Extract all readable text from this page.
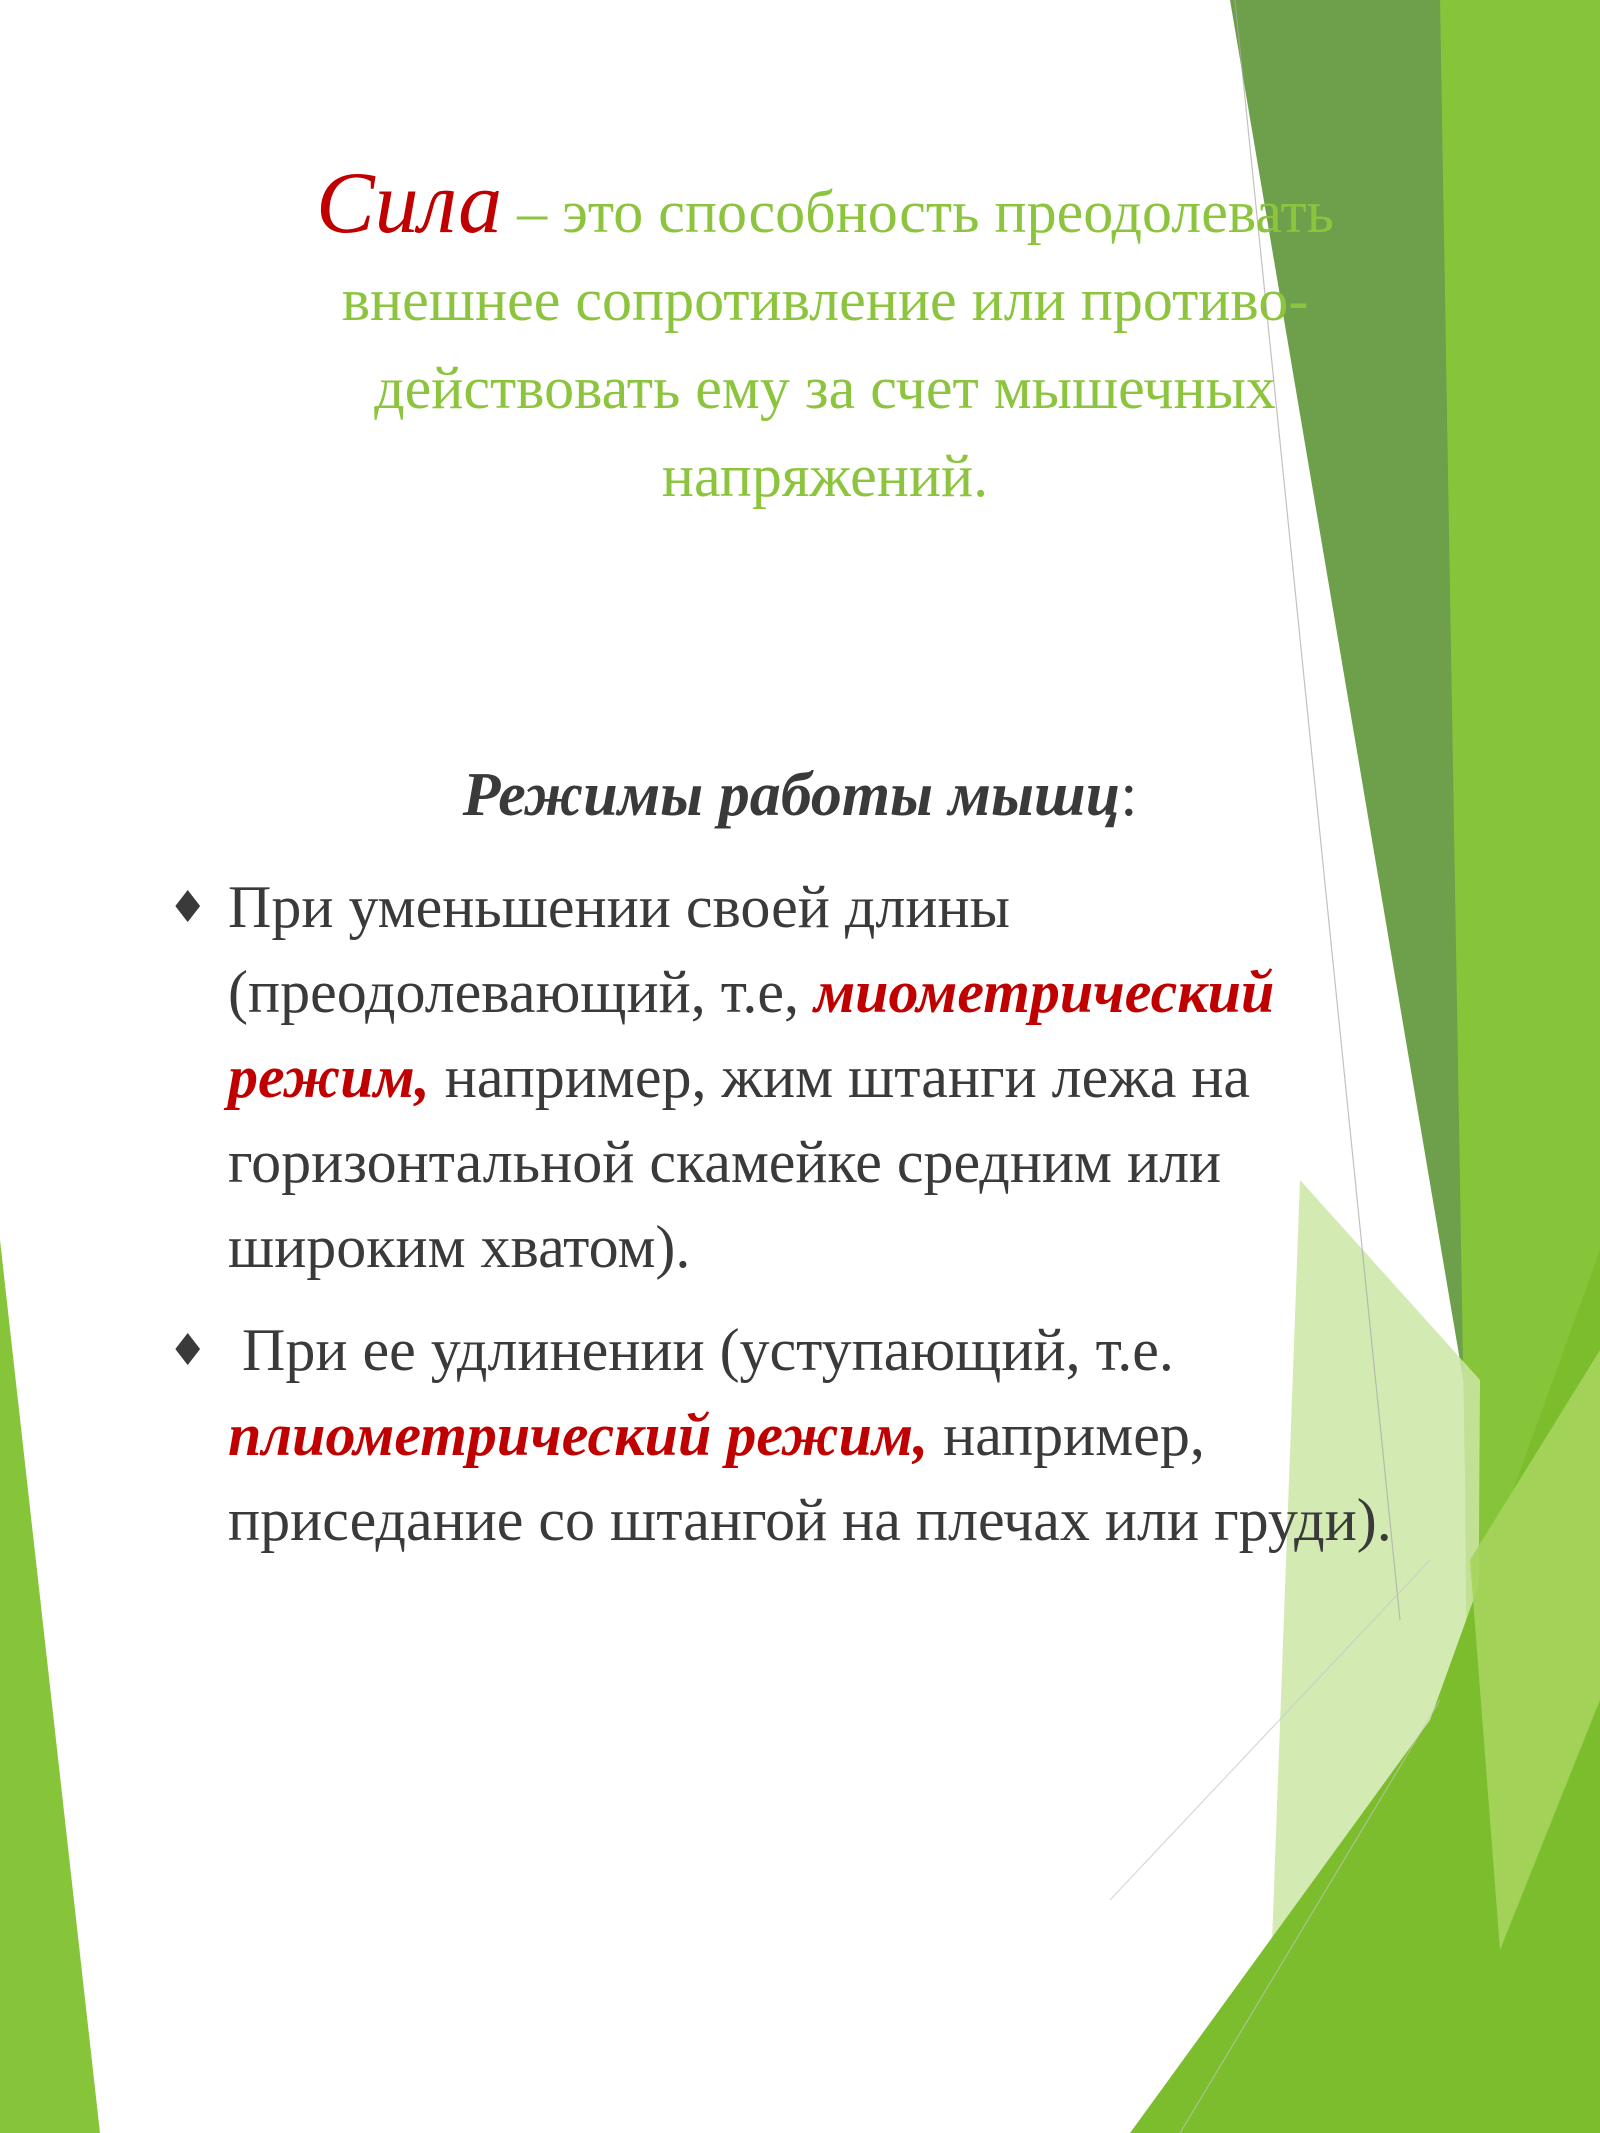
Сила – это способность преодолевать внешнее сопротивление или противо-действовать ему за счет мышечных напряжений.

Режимы работы мышц:

♦ При уменьшении своей длины (преодолевающий, т.е, миометрический режим, например, жим штанги лежа на горизонтальной скамейке средним или широким хватом).
♦ При ее удлинении (уступающий, т.е. плиометрический режим, например, приседание со штангой на плечах или груди).
